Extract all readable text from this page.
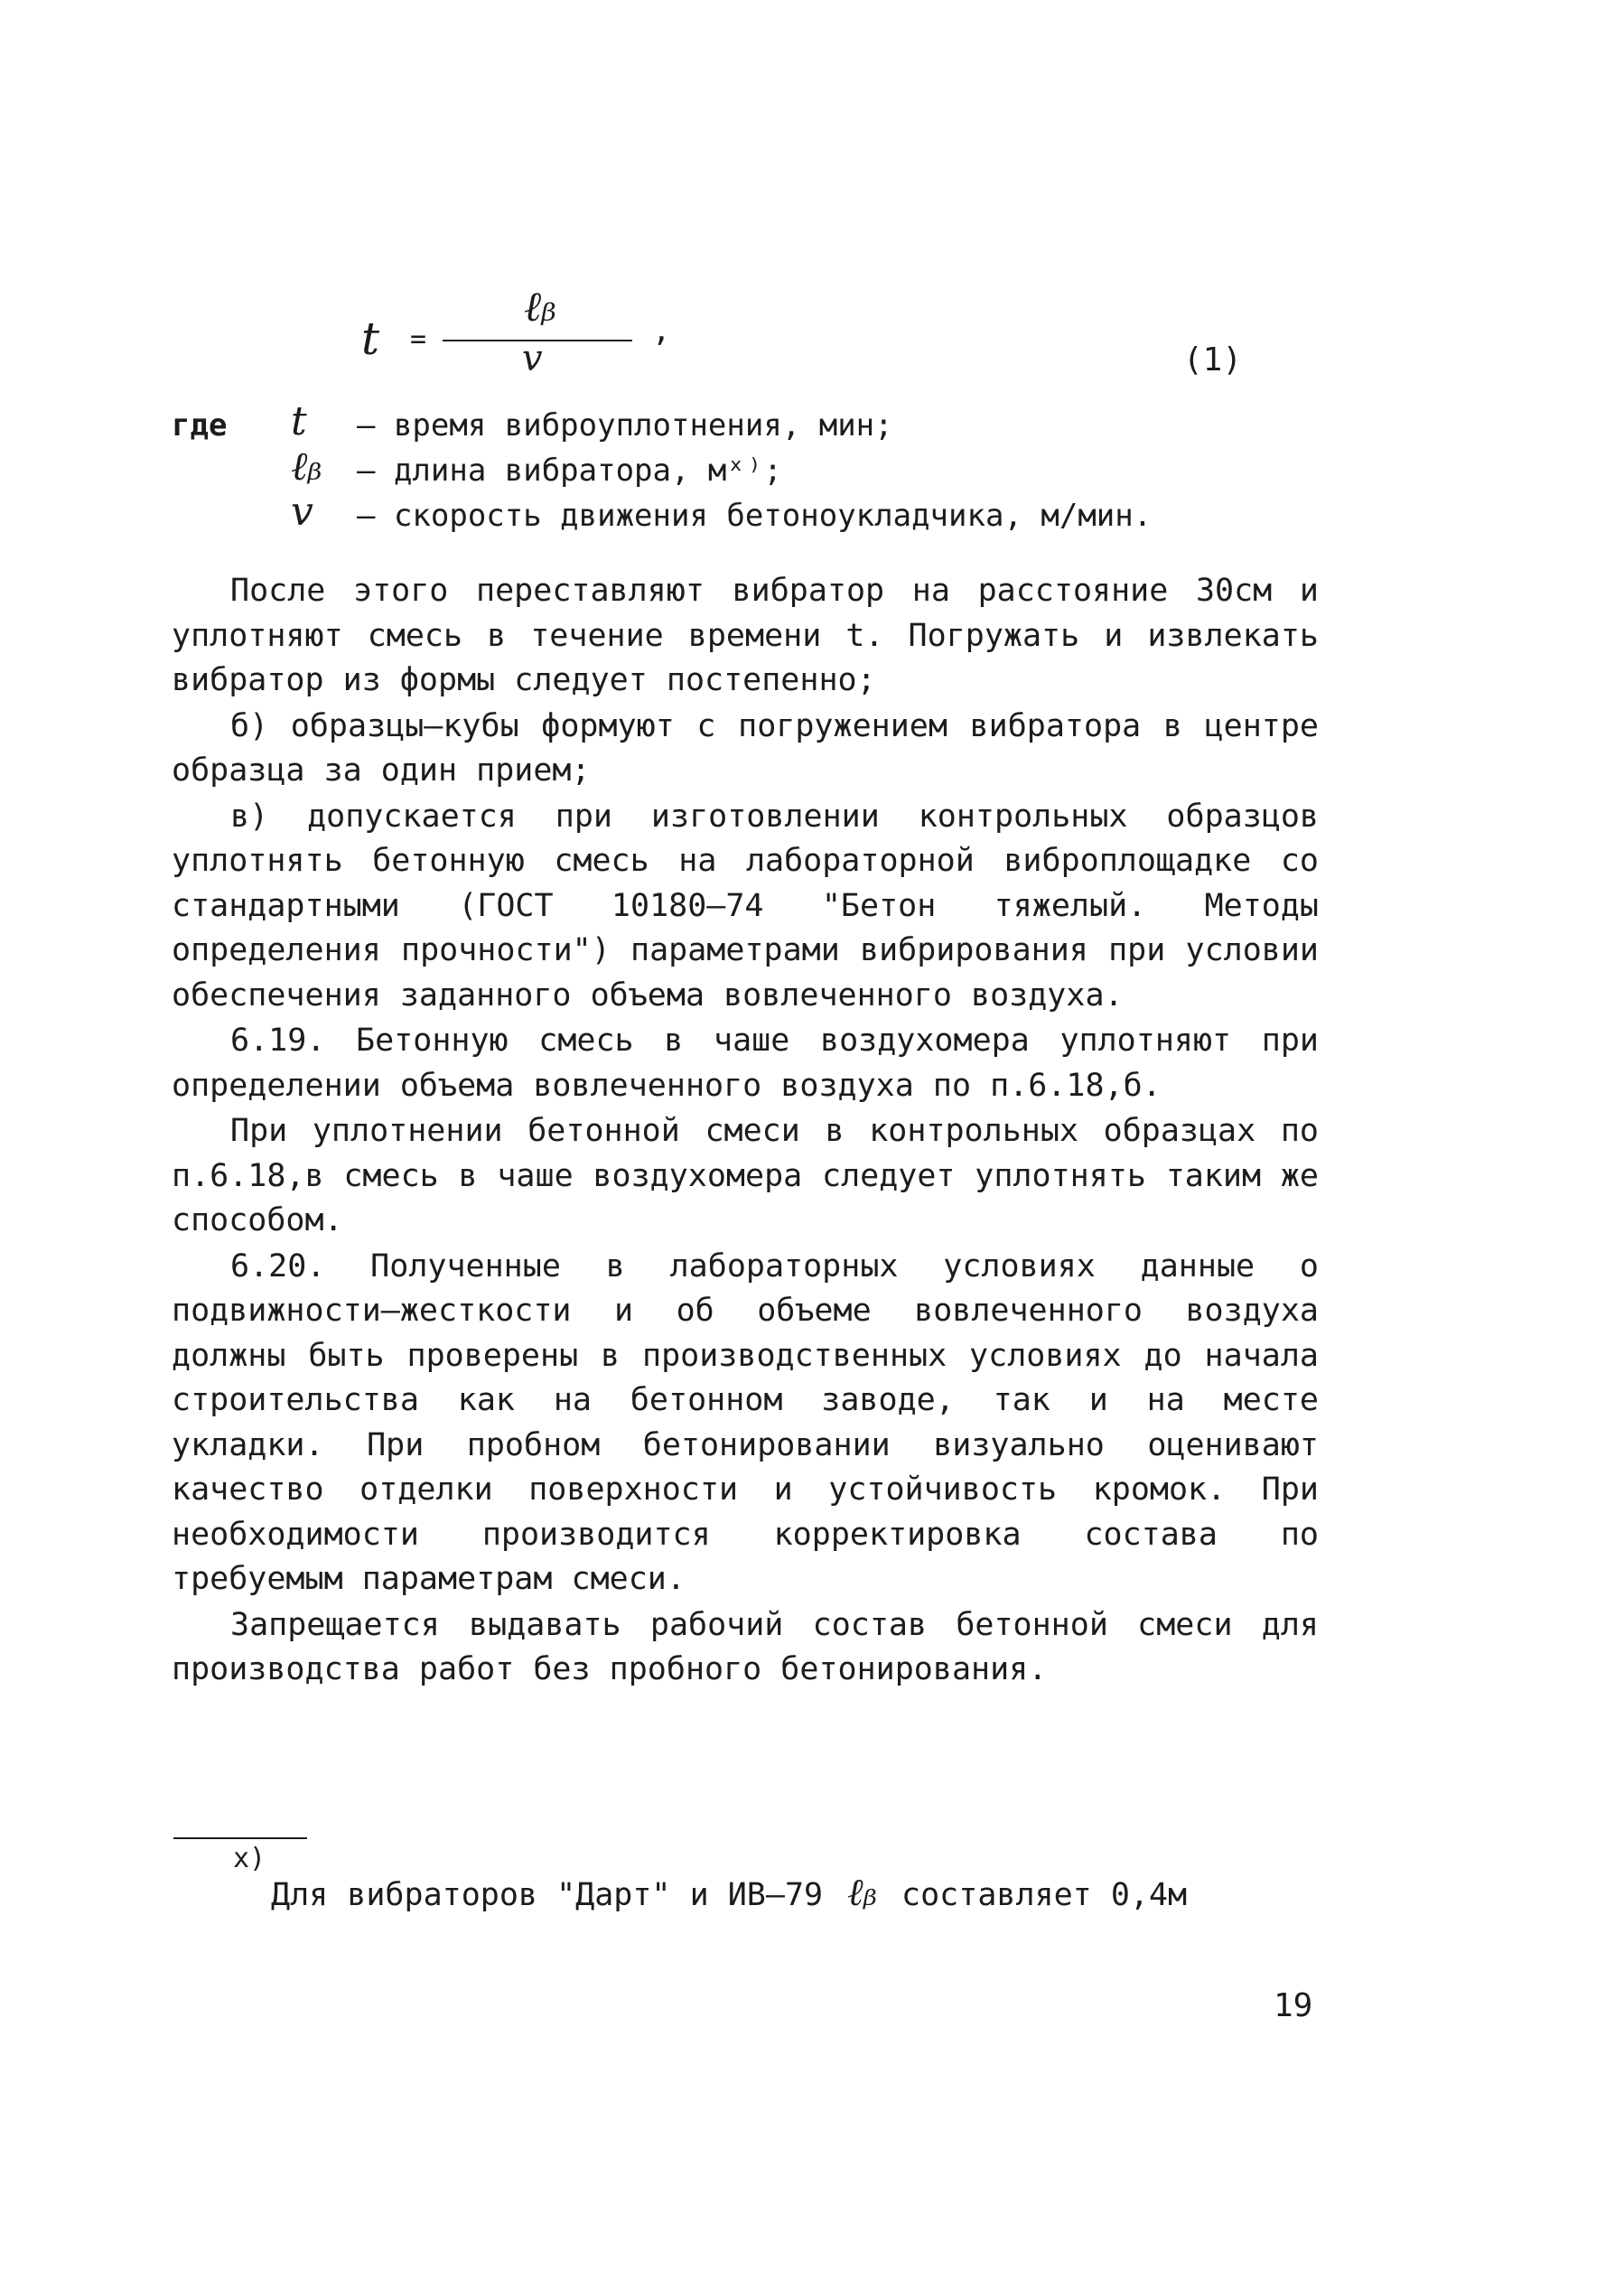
t =
ℓᵦ
v
,
(1)
где t – время виброуплотнения, мин;
ℓᵦ – длина вибратора, мˣ⁾;
v – скорость движения бетоноукладчика, м/мин.

После этого переставляют вибратор на расстояние 30см и уплотняют смесь в течение времени t. Погружать и извлекать вибратор из формы следует постепенно;

б) образцы–кубы формуют с погружением вибратора в центре образца за один прием;

в) допускается при изготовлении контрольных образцов уплотнять бетонную смесь на лабораторной виброплощадке со стандартными (ГОСТ 10180–74 "Бетон тяжелый. Методы определения прочности") параметрами вибрирования при условии обеспечения заданного объема вовлеченного воздуха.

6.19. Бетонную смесь в чаше воздухомера уплотняют при определении объема вовлеченного воздуха по п.6.18,б.

При уплотнении бетонной смеси в контрольных образцах по п.6.18,в смесь в чаше воздухомера следует уплотнять таким же способом.

6.20. Полученные в лабораторных условиях данные о подвижности–жесткости и об объеме вовлеченного воздуха должны быть проверены в производственных условиях до начала строительства как на бетонном заводе, так и на месте укладки. При пробном бетонировании визуально оценивают качество отделки поверхности и устойчивость кромок. При необходимости производится корректировка состава по требуемым параметрам смеси.

Запрещается выдавать рабочий состав бетонной смеси для производства работ без пробного бетонирования.

х)
Для вибраторов "Дарт" и ИВ–79 ℓᵦ составляет 0,4м
19
